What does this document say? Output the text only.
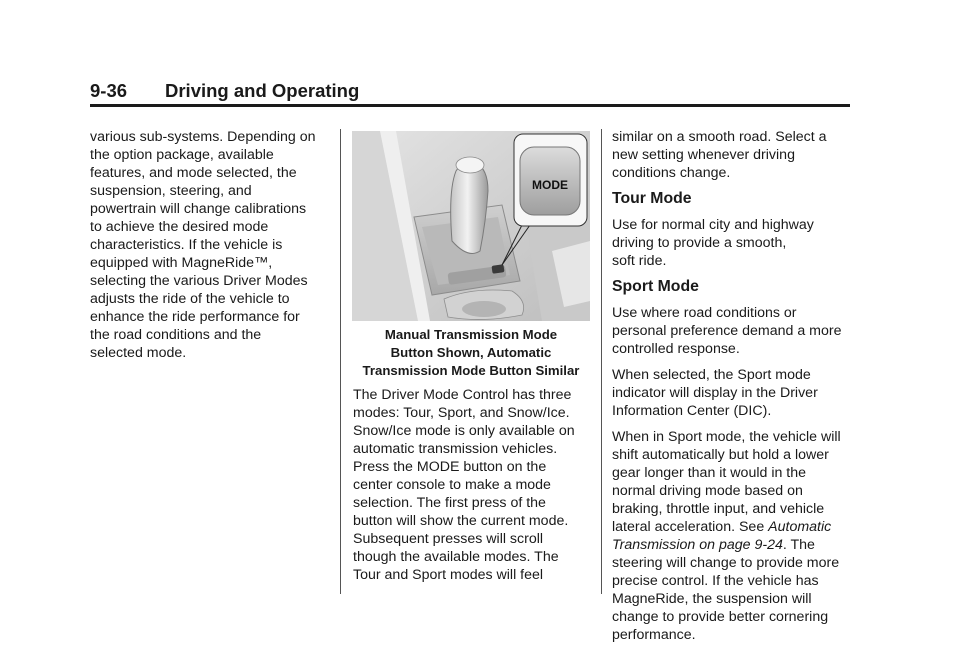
9-36 Driving and Operating

various sub-systems. Depending on
the option package, available
features, and mode selected, the
suspension, steering, and
powertrain will change calibrations
to achieve the desired mode
characteristics. If the vehicle is
equipped with MagneRide™,
selecting the various Driver Modes
adjusts the ride of the vehicle to
enhance the ride performance for
the road conditions and the
selected mode.

MODE
Manual Transmission Mode
Button Shown, Automatic
Transmission Mode Button Similar

The Driver Mode Control has three
modes: Tour, Sport, and Snow/Ice.
Snow/Ice mode is only available on
automatic transmission vehicles.
Press the MODE button on the
center console to make a mode
selection. The first press of the
button will show the current mode.
Subsequent presses will scroll
though the available modes. The
Tour and Sport modes will feel

similar on a smooth road. Select a
new setting whenever driving
conditions change.

Tour Mode

Use for normal city and highway
driving to provide a smooth,
soft ride.

Sport Mode

Use where road conditions or
personal preference demand a more
controlled response.

When selected, the Sport mode
indicator will display in the Driver
Information Center (DIC).

When in Sport mode, the vehicle will
shift automatically but hold a lower
gear longer than it would in the
normal driving mode based on
braking, throttle input, and vehicle
lateral acceleration. See Automatic
Transmission on page 9-24. The
steering will change to provide more
precise control. If the vehicle has
MagneRide, the suspension will
change to provide better cornering
performance.
